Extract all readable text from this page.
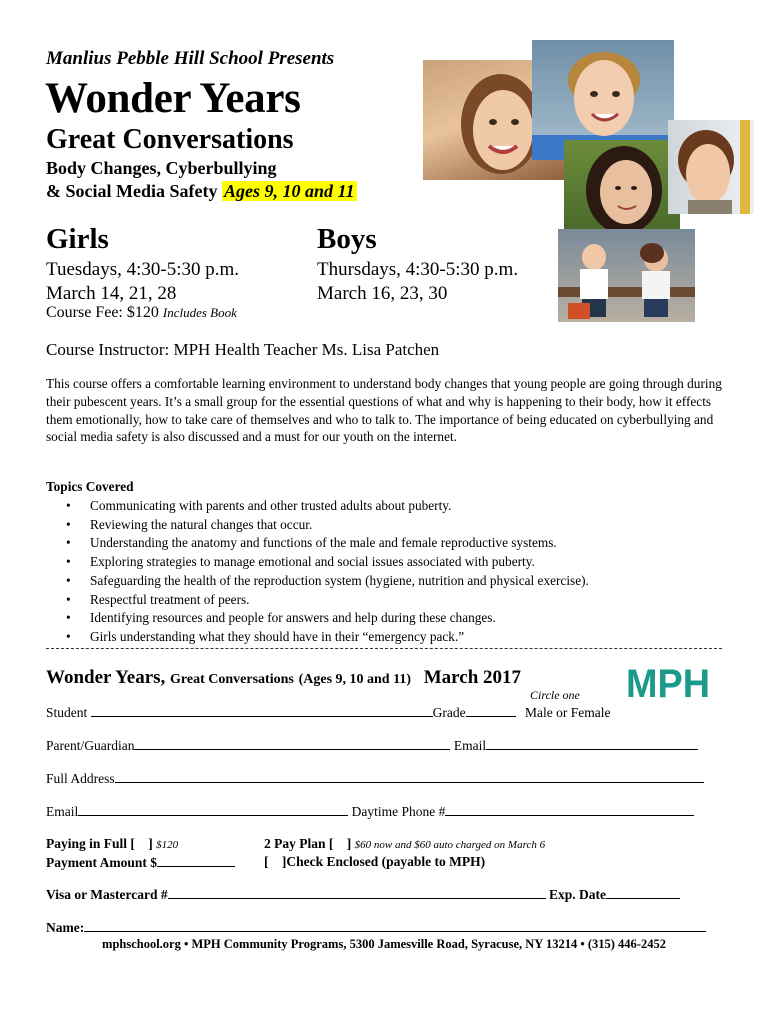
Manlius Pebble Hill School Presents
Wonder Years
Great Conversations
Body Changes, Cyberbullying
& Social Media Safety Ages 9, 10 and 11
Girls
Tuesdays, 4:30-5:30 p.m.
March 14, 21, 28
Boys
Thursdays, 4:30-5:30 p.m.
March 16, 23, 30
Course Fee: $120 Includes Book
Course Instructor: MPH Health Teacher Ms. Lisa Patchen
This course offers a comfortable learning environment to understand body changes that young people are going through during their pubescent years. It’s a small group for the essential questions of what and why is happening to their body, how it effects them emotionally, how to take care of themselves and who to talk to. The importance of being educated on cyberbullying and social media safety is also discussed and a must for our youth on the internet.
Topics Covered
• Communicating with parents and other trusted adults about puberty.
• Reviewing the natural changes that occur.
• Understanding the anatomy and functions of the male and female reproductive systems.
• Exploring strategies to manage emotional and social issues associated with puberty.
• Safeguarding the health of the reproduction system (hygiene, nutrition and physical exercise).
• Respectful treatment of peers.
• Identifying resources and people for answers and help during these changes.
• Girls understanding what they should have in their “emergency pack.”
Wonder Years, Great Conversations (Ages 9, 10 and 11) March 2017
Circle one MPH
Student	Grade	Male or Female
Parent/Guardian	Email
Full Address
Email	Daytime Phone #
Paying in Full [ ] $120	2 Pay Plan [ ] $60 now and $60 auto charged on March 6
Payment Amount $	[ ]Check Enclosed (payable to MPH)
Visa or Mastercard #	Exp. Date
Name:
mphschool.org • MPH Community Programs, 5300 Jamesville Road, Syracuse, NY 13214 • (315) 446-2452
